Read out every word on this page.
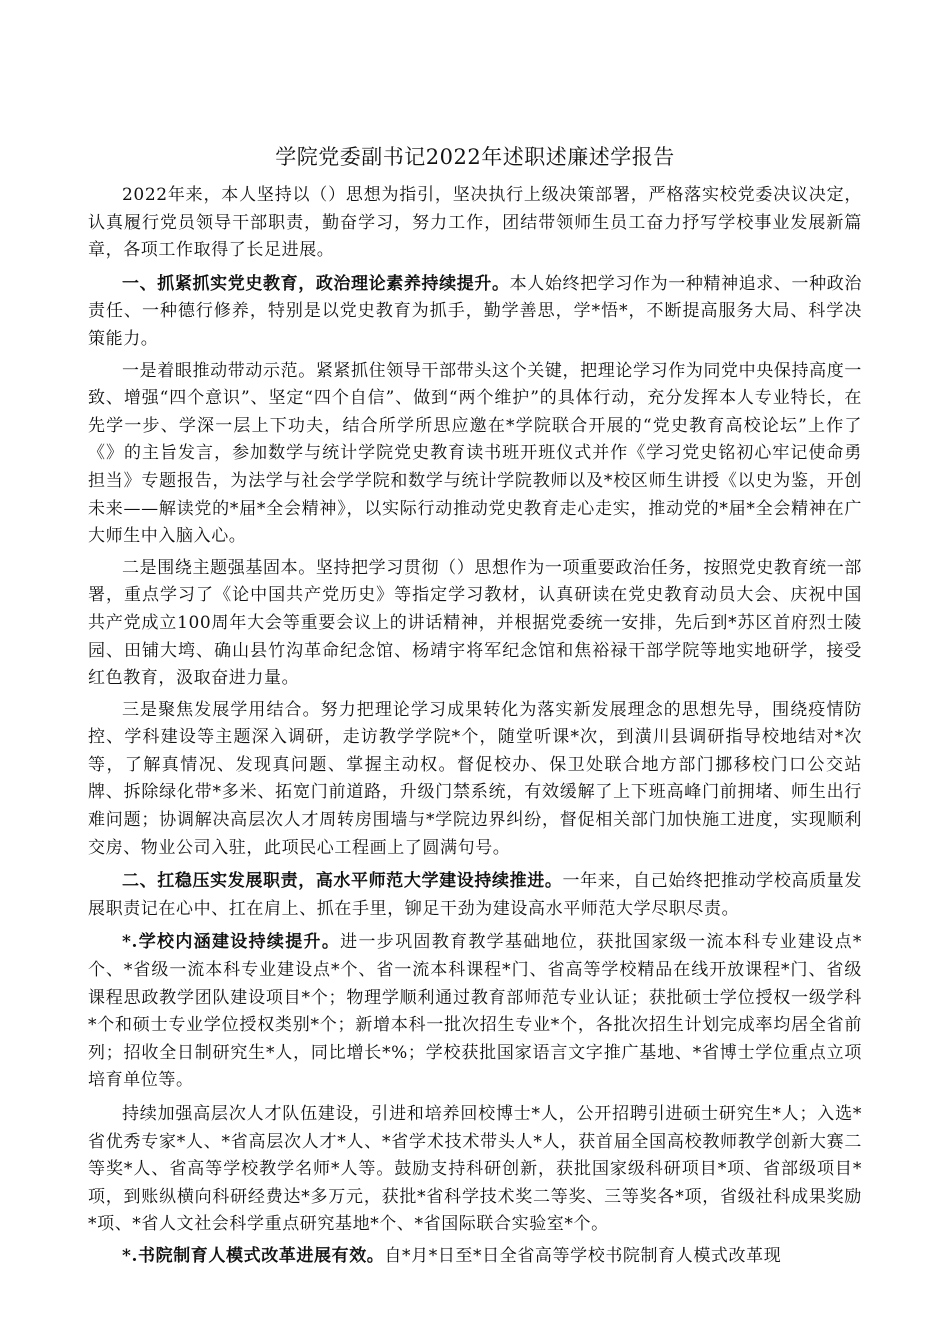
学院党委副书记2022年述职述廉述学报告

2022年来，本人坚持以（）思想为指引，坚决执行上级决策部署，严格落实校党委决议决定，认真履行党员领导干部职责，勤奋学习，努力工作，团结带领师生员工奋力抒写学校事业发展新篇章，各项工作取得了长足进展。

一、抓紧抓实党史教育，政治理论素养持续提升。本人始终把学习作为一种精神追求、一种政治责任、一种德行修养，特别是以党史教育为抓手，勤学善思，学*悟*，不断提高服务大局、科学决策能力。

一是着眼推动带动示范。紧紧抓住领导干部带头这个关键，把理论学习作为同党中央保持高度一致、增强“四个意识”、坚定“四个自信”、做到“两个维护”的具体行动，充分发挥本人专业特长，在先学一步、学深一层上下功夫，结合所学所思应邀在*学院联合开展的“党史教育高校论坛”上作了《》的主旨发言，参加数学与统计学院党史教育读书班开班仪式并作《学习党史铭初心牢记使命勇担当》专题报告，为法学与社会学学院和数学与统计学院教师以及*校区师生讲授《以史为鉴，开创未来——解读党的*届*全会精神》，以实际行动推动党史教育走心走实，推动党的*届*全会精神在广大师生中入脑入心。

二是围绕主题强基固本。坚持把学习贯彻（）思想作为一项重要政治任务，按照党史教育统一部署，重点学习了《论中国共产党历史》等指定学习教材，认真研读在党史教育动员大会、庆祝中国共产党成立100周年大会等重要会议上的讲话精神，并根据党委统一安排，先后到*苏区首府烈士陵园、田铺大塆、确山县竹沟革命纪念馆、杨靖宇将军纪念馆和焦裕禄干部学院等地实地研学，接受红色教育，汲取奋进力量。

三是聚焦发展学用结合。努力把理论学习成果转化为落实新发展理念的思想先导，围绕疫情防控、学科建设等主题深入调研，走访教学学院*个，随堂听课*次，到潢川县调研指导校地结对*次等，了解真情况、发现真问题、掌握主动权。督促校办、保卫处联合地方部门挪移校门口公交站牌、拆除绿化带*多米、拓宽门前道路，升级门禁系统，有效缓解了上下班高峰门前拥堵、师生出行难问题；协调解决高层次人才周转房围墙与*学院边界纠纷，督促相关部门加快施工进度，实现顺利交房、物业公司入驻，此项民心工程画上了圆满句号。

二、扛稳压实发展职责，高水平师范大学建设持续推进。一年来，自己始终把推动学校高质量发展职责记在心中、扛在肩上、抓在手里，铆足干劲为建设高水平师范大学尽职尽责。

*.学校内涵建设持续提升。进一步巩固教育教学基础地位，获批国家级一流本科专业建设点*个、*省级一流本科专业建设点*个、省一流本科课程*门、省高等学校精品在线开放课程*门、省级课程思政教学团队建设项目*个；物理学顺利通过教育部师范专业认证；获批硕士学位授权一级学科*个和硕士专业学位授权类别*个；新增本科一批次招生专业*个，各批次招生计划完成率均居全省前列；招收全日制研究生*人，同比增长*%；学校获批国家语言文字推广基地、*省博士学位重点立项培育单位等。

持续加强高层次人才队伍建设，引进和培养回校博士*人，公开招聘引进硕士研究生*人；入选*省优秀专家*人、*省高层次人才*人、*省学术技术带头人*人，获首届全国高校教师教学创新大赛二等奖*人、省高等学校教学名师*人等。鼓励支持科研创新，获批国家级科研项目*项、省部级项目*项，到账纵横向科研经费达*多万元，获批*省科学技术奖二等奖、三等奖各*项，省级社科成果奖励*项、*省人文社会科学重点研究基地*个、*省国际联合实验室*个。

*.书院制育人模式改革进展有效。自*月*日至*日全省高等学校书院制育人模式改革现
